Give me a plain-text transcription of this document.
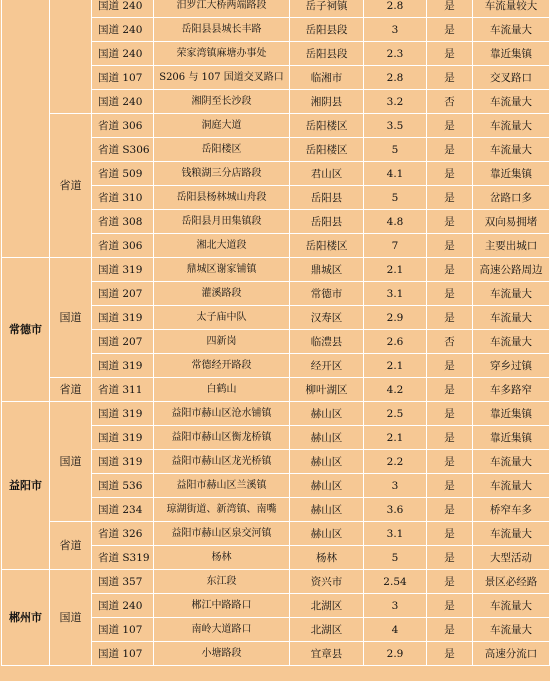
		国道 240	汨罗江大桥两端路段	岳子祠镇	2.8	是	车流量较大
		国道 240	岳阳县县城长丰路	岳阳县段	3	是	车流量大
		国道 240	荣家湾镇麻塘办事处	岳阳县段	2.3	是	靠近集镇
		国道 107	S206 与 107 国道交叉路口	临湘市	2.8	是	交叉路口
		国道 240	湘阴至长沙段	湘阴县	3.2	否	车流量大
	省道	省道 306	洞庭大道	岳阳楼区	3.5	是	车流量大
		省道 S306	岳阳楼区	岳阳楼区	5	是	车流量大
		省道 509	钱粮湖三分店路段	君山区	4.1	是	靠近集镇
		省道 310	岳阳县杨林城山舟段	岳阳县	5	是	岔路口多
		省道 308	岳阳县月田集镇段	岳阳县	4.8	是	双向易拥堵
		省道 306	湘北大道段	岳阳楼区	7	是	主要出城口
常德市	国道	国道 319	鼎城区谢家铺镇	鼎城区	2.1	是	高速公路周边
		国道 207	灌溪路段	常德市	3.1	是	车流量大
		国道 319	太子庙中队	汉寿区	2.9	是	车流量大
		国道 207	四新岗	临澧县	2.6	否	车流量大
		国道 319	常德经开路段	经开区	2.1	是	穿乡过镇
	省道	省道 311	白鹤山	柳叶湖区	4.2	是	车多路窄
益阳市	国道	国道 319	益阳市赫山区沧水铺镇	赫山区	2.5	是	靠近集镇
		国道 319	益阳市赫山区衡龙桥镇	赫山区	2.1	是	靠近集镇
		国道 319	益阳市赫山区龙光桥镇	赫山区	2.2	是	车流量大
		国道 536	益阳市赫山区兰溪镇	赫山区	3	是	车流量大
		国道 234	琼湖街道、新湾镇、南嘴	赫山区	3.6	是	桥窄车多
	省道	省道 326	益阳市赫山区泉交河镇	赫山区	3.1	是	车流量大
		省道 S319	杨林	杨林	5	是	大型活动
郴州市	国道	国道 357	东江段	资兴市	2.54	是	景区必经路
		国道 240	郴江中路路口	北湖区	3	是	车流量大
		国道 107	南岭大道路口	北湖区	4	是	车流量大
		国道 107	小塘路段	宜章县	2.9	是	高速分流口
